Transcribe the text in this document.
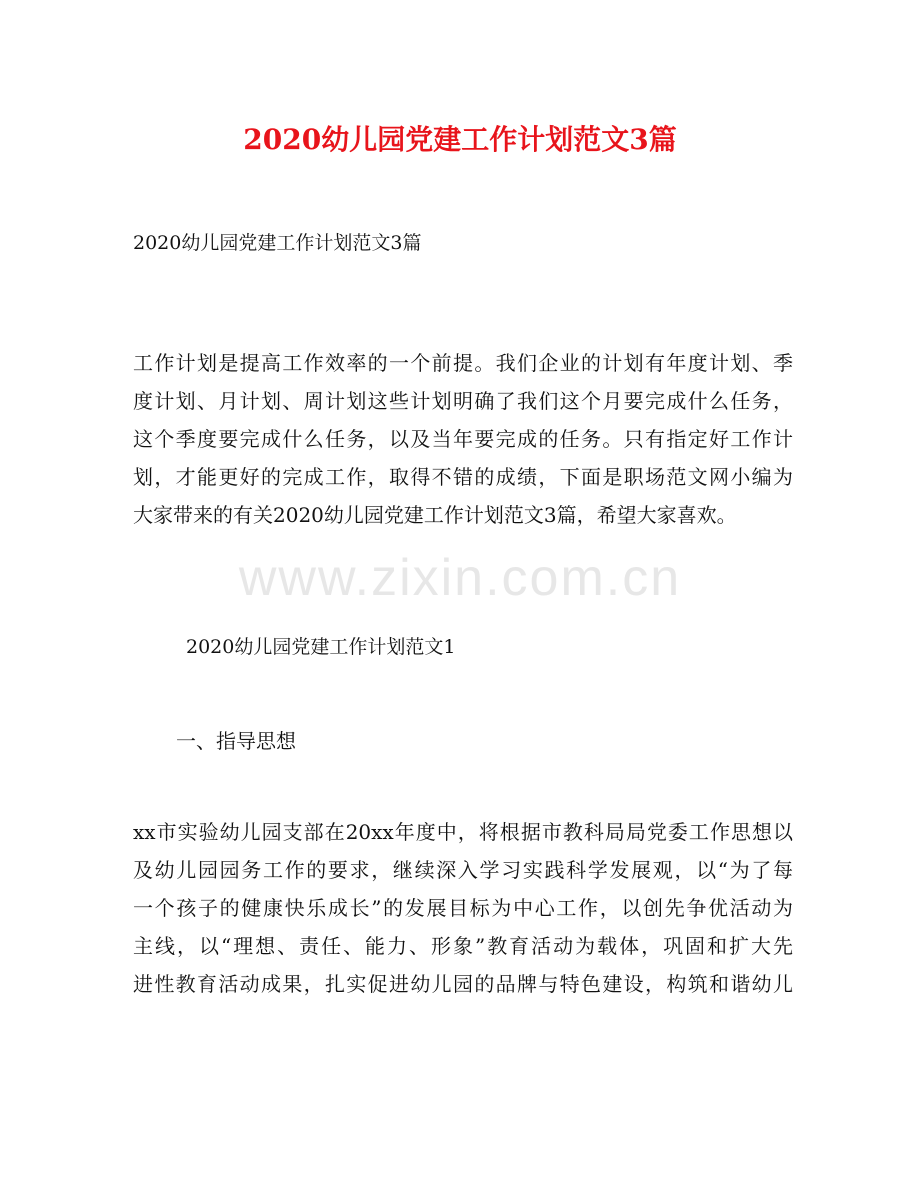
2020幼儿园党建工作计划范文3篇

2020幼儿园党建工作计划范文3篇

工作计划是提高工作效率的一个前提。我们企业的计划有年度计划、季
度计划、月计划、周计划这些计划明确了我们这个月要完成什么任务，
这个季度要完成什么任务，以及当年要完成的任务。只有指定好工作计
划，才能更好的完成工作，取得不错的成绩，下面是职场范文网小编为
大家带来的有关2020幼儿园党建工作计划范文3篇，希望大家喜欢。
www.zixin.com.cn

2020幼儿园党建工作计划范文1

一、指导思想

xx市实验幼儿园支部在20xx年度中，将根据市教科局局党委工作思想以
及幼儿园园务工作的要求，继续深入学习实践科学发展观，以“为了每
一个孩子的健康快乐成长”的发展目标为中心工作，以创先争优活动为
主线，以“理想、责任、能力、形象”教育活动为载体，巩固和扩大先
进性教育活动成果，扎实促进幼儿园的品牌与特色建设，构筑和谐幼儿
